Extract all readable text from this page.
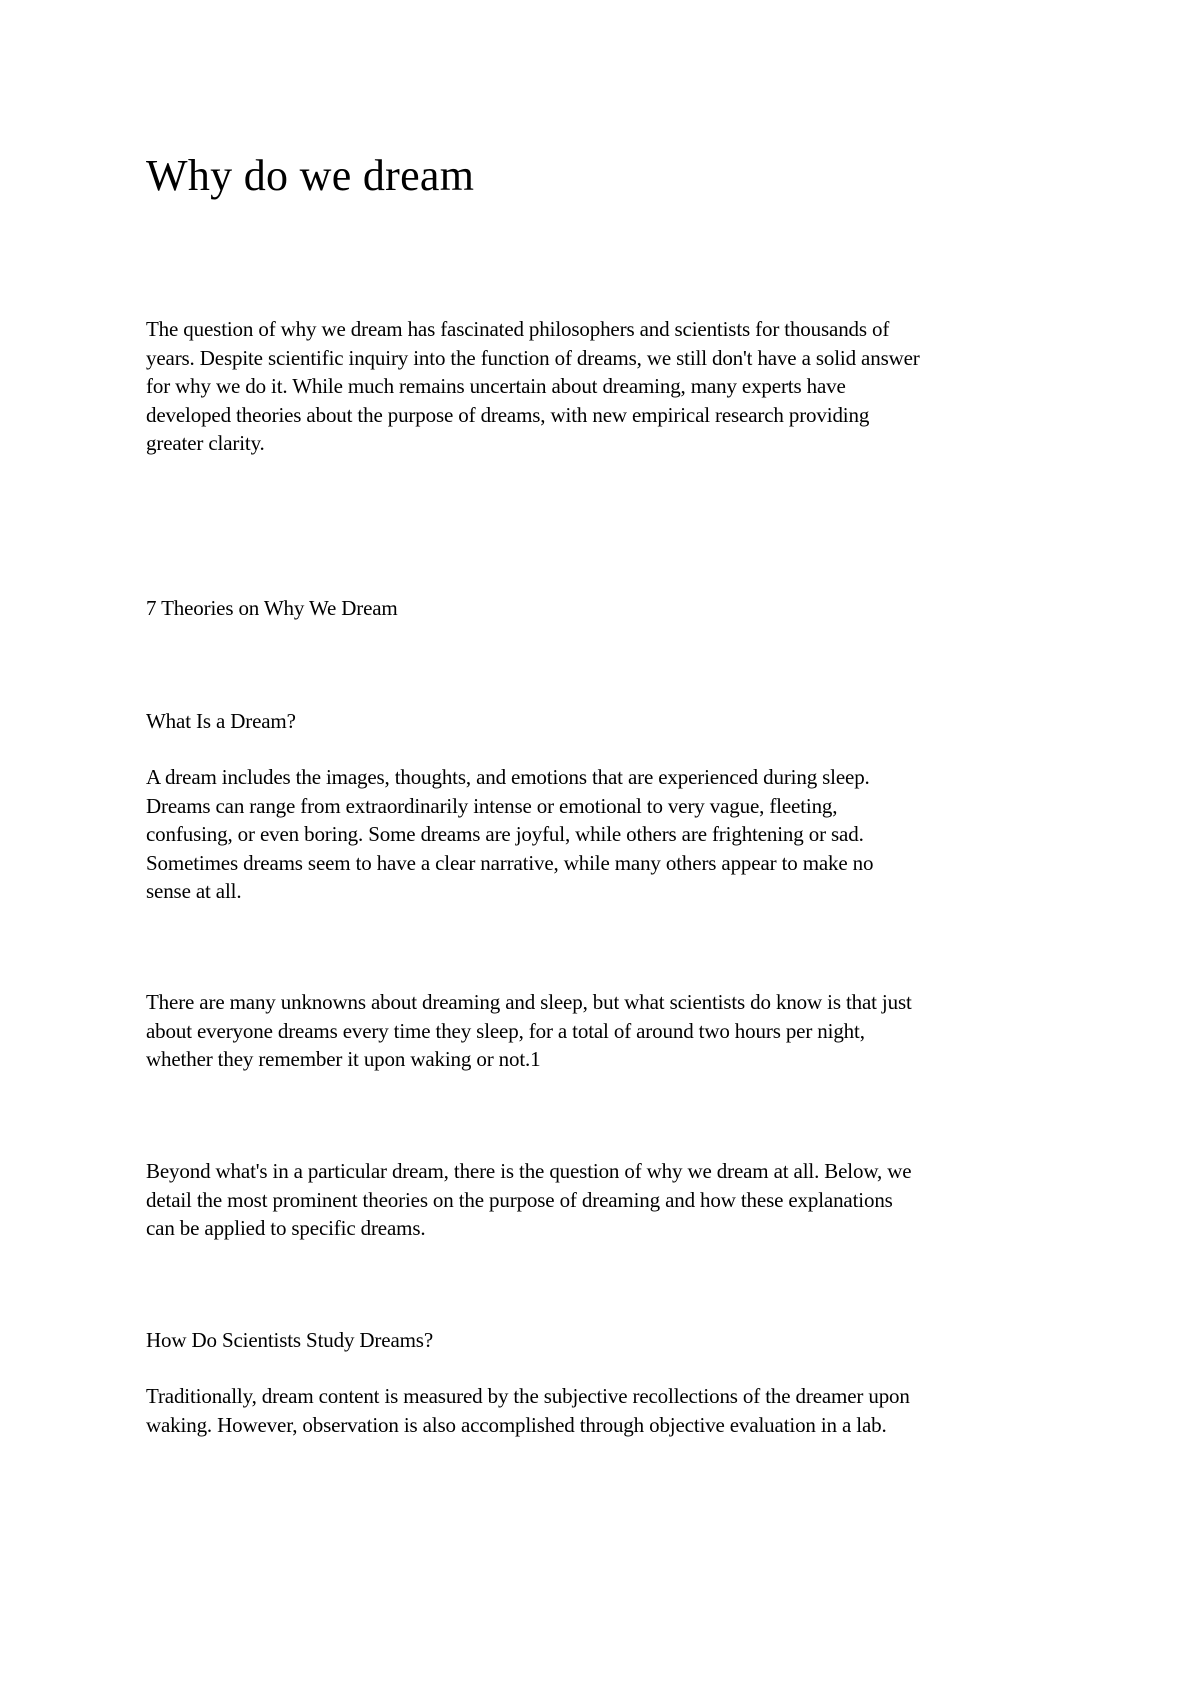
Why do we dream

The question of why we dream has fascinated philosophers and scientists for thousands of
years. Despite scientific inquiry into the function of dreams, we still don't have a solid answer
for why we do it. While much remains uncertain about dreaming, many experts have
developed theories about the purpose of dreams, with new empirical research providing
greater clarity.

7 Theories on Why We Dream

What Is a Dream?

A dream includes the images, thoughts, and emotions that are experienced during sleep.
Dreams can range from extraordinarily intense or emotional to very vague, fleeting,
confusing, or even boring. Some dreams are joyful, while others are frightening or sad.
Sometimes dreams seem to have a clear narrative, while many others appear to make no
sense at all.

There are many unknowns about dreaming and sleep, but what scientists do know is that just
about everyone dreams every time they sleep, for a total of around two hours per night,
whether they remember it upon waking or not.1

Beyond what's in a particular dream, there is the question of why we dream at all. Below, we
detail the most prominent theories on the purpose of dreaming and how these explanations
can be applied to specific dreams.

How Do Scientists Study Dreams?

Traditionally, dream content is measured by the subjective recollections of the dreamer upon
waking. However, observation is also accomplished through objective evaluation in a lab.
